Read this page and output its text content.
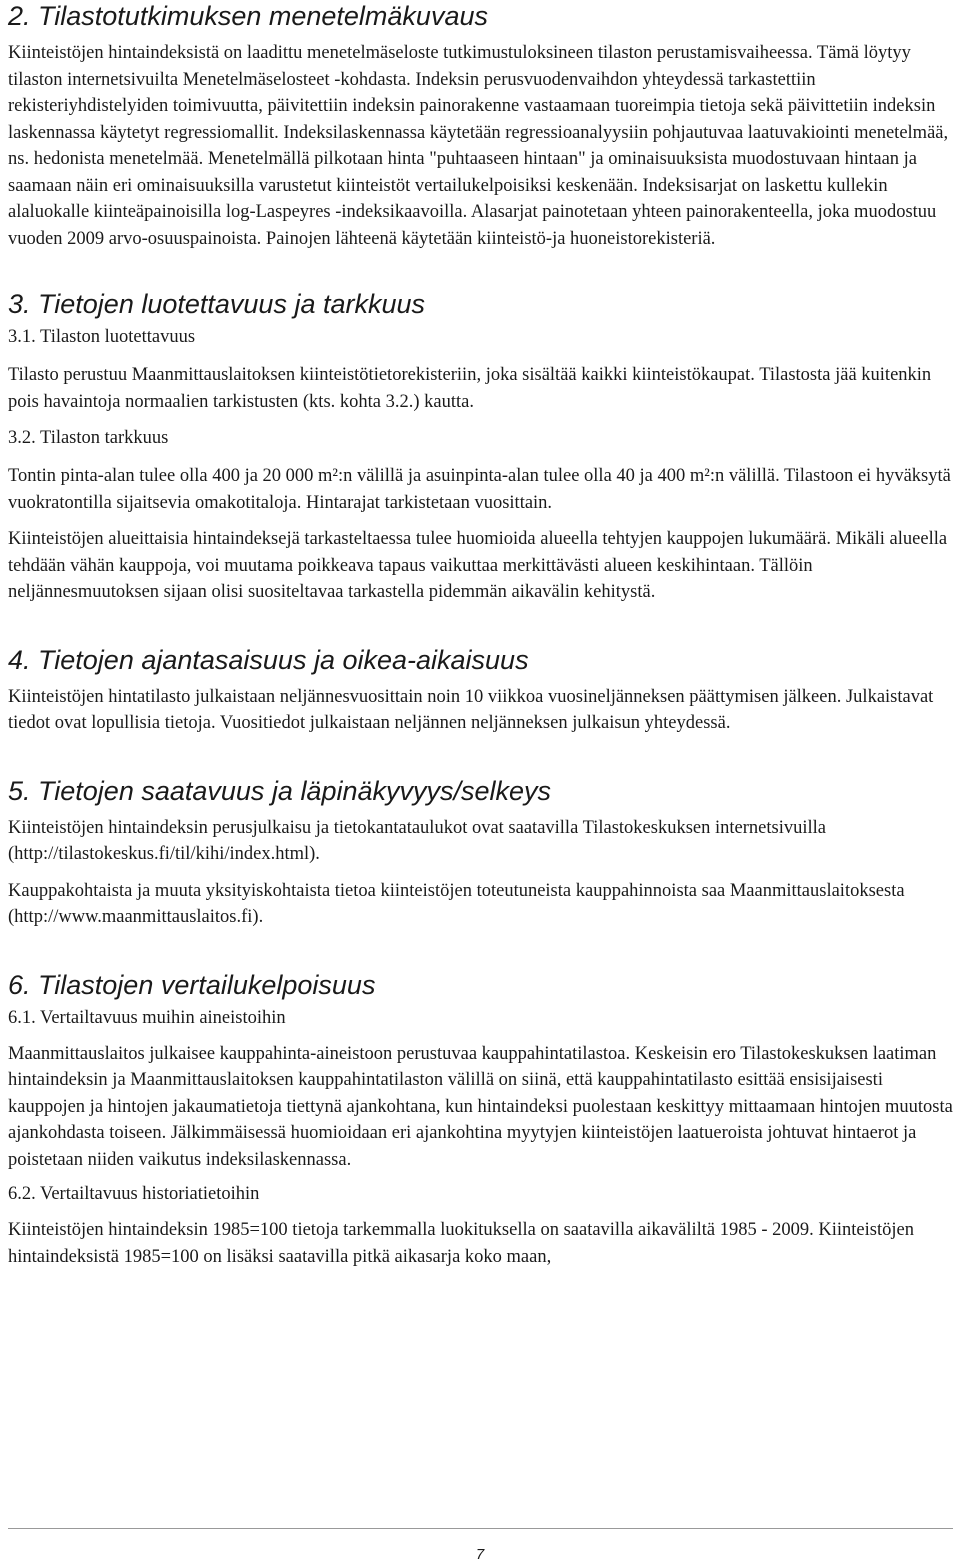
2. Tilastotutkimuksen menetelmäkuvaus

Kiinteistöjen hintaindeksistä on laadittu menetelmäseloste tutkimustuloksineen tilaston perustamisvaiheessa. Tämä löytyy tilaston internetsivuilta Menetelmäselosteet -kohdasta. Indeksin perusvuodenvaihdon yhteydessä tarkastettiin rekisteriyhdistelyiden toimivuutta, päivitettiin indeksin painorakenne vastaamaan tuoreimpia tietoja sekä päivittetiin indeksin laskennassa käytetyt regressiomallit. Indeksilaskennassa käytetään regressioanalyysiin pohjautuvaa laatuvakiointi menetelmää, ns. hedonista menetelmää. Menetelmällä pilkotaan hinta "puhtaaseen hintaan" ja ominaisuuksista muodostuvaan hintaan ja saamaan näin eri ominaisuuksilla varustetut kiinteistöt vertailukelpoisiksi keskenään. Indeksisarjat on laskettu kullekin alaluokalle kiinteäpainoisilla log-Laspeyres -indeksikaavoilla. Alasarjat painotetaan yhteen painorakenteella, joka muodostuu vuoden 2009 arvo-osuuspainoista. Painojen lähteenä käytetään kiinteistö-ja huoneistorekisteriä.

3. Tietojen luotettavuus ja tarkkuus
3.1. Tilaston luotettavuus

Tilasto perustuu Maanmittauslaitoksen kiinteistötietorekisteriin, joka sisältää kaikki kiinteistökaupat. Tilastosta jää kuitenkin pois havaintoja normaalien tarkistusten (kts. kohta 3.2.) kautta.

3.2. Tilaston tarkkuus

Tontin pinta-alan tulee olla 400 ja 20 000 m²:n välillä ja asuinpinta-alan tulee olla 40 ja 400 m²:n välillä. Tilastoon ei hyväksytä vuokratontilla sijaitsevia omakotitaloja. Hintarajat tarkistetaan vuosittain.

Kiinteistöjen alueittaisia hintaindeksejä tarkasteltaessa tulee huomioida alueella tehtyjen kauppojen lukumäärä. Mikäli alueella tehdään vähän kauppoja, voi muutama poikkeava tapaus vaikuttaa merkittävästi alueen keskihintaan. Tällöin neljännesmuutoksen sijaan olisi suositeltavaa tarkastella pidemmän aikavälin kehitystä.

4. Tietojen ajantasaisuus ja oikea-aikaisuus

Kiinteistöjen hintatilasto julkaistaan neljännesvuosittain noin 10 viikkoa vuosineljänneksen päättymisen jälkeen. Julkaistavat tiedot ovat lopullisia tietoja. Vuositiedot julkaistaan neljännen neljänneksen julkaisun yhteydessä.

5. Tietojen saatavuus ja läpinäkyvyys/selkeys

Kiinteistöjen hintaindeksin perusjulkaisu ja tietokantataulukot ovat saatavilla Tilastokeskuksen internetsivuilla (http://tilastokeskus.fi/til/kihi/index.html).

Kauppakohtaista ja muuta yksityiskohtaista tietoa kiinteistöjen toteutuneista kauppahinnoista saa Maanmittauslaitoksesta (http://www.maanmittauslaitos.fi).

6. Tilastojen vertailukelpoisuus
6.1. Vertailtavuus muihin aineistoihin

Maanmittauslaitos julkaisee kauppahinta-aineistoon perustuvaa kauppahintatilastoa. Keskeisin ero Tilastokeskuksen laatiman hintaindeksin ja Maanmittauslaitoksen kauppahintatilaston välillä on siinä, että kauppahintatilasto esittää ensisijaisesti kauppojen ja hintojen jakaumatietoja tiettynä ajankohtana, kun hintaindeksi puolestaan keskittyy mittaamaan hintojen muutosta ajankohdasta toiseen. Jälkimmäisessä huomioidaan eri ajankohtina myytyjen kiinteistöjen laatueroista johtuvat hintaerot ja poistetaan niiden vaikutus indeksilaskennassa.

6.2. Vertailtavuus historiatietoihin

Kiinteistöjen hintaindeksin 1985=100 tietoja tarkemmalla luokituksella on saatavilla aikaväliltä 1985 - 2009. Kiinteistöjen hintaindeksistä 1985=100 on lisäksi saatavilla pitkä aikasarja koko maan,

7
